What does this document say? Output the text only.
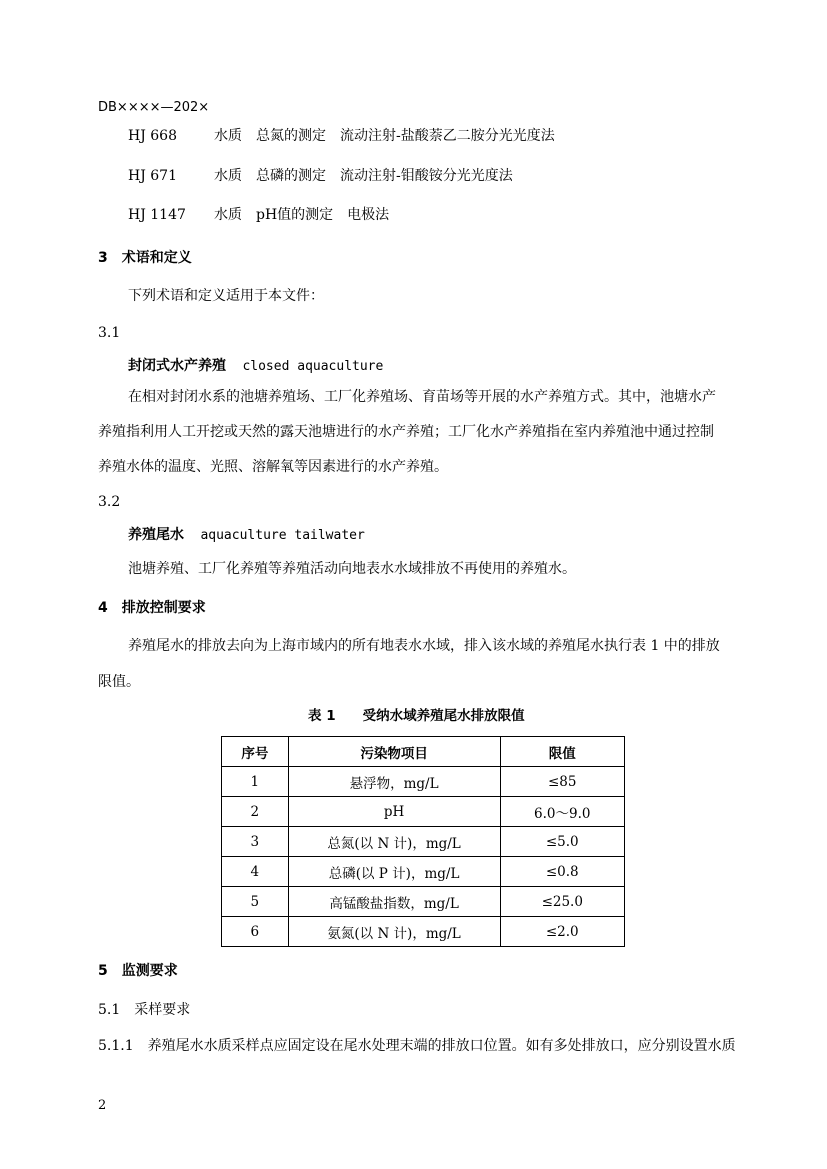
DB××××—202×
HJ 668	水质　总氮的测定　流动注射-盐酸萘乙二胺分光光度法
HJ 671	水质　总磷的测定　流动注射-钼酸铵分光光度法
HJ 1147 水质　pH值的测定　电极法
3　术语和定义
下列术语和定义适用于本文件：
3.1
封闭式水产养殖 closed aquaculture
在相对封闭水系的池塘养殖场、工厂化养殖场、育苗场等开展的水产养殖方式。其中，池塘水产
养殖指利用人工开挖或天然的露天池塘进行的水产养殖；工厂化水产养殖指在室内养殖池中通过控制
养殖水体的温度、光照、溶解氧等因素进行的水产养殖。
3.2
养殖尾水 aquaculture tailwater
池塘养殖、工厂化养殖等养殖活动向地表水水域排放不再使用的养殖水。
4　排放控制要求
养殖尾水的排放去向为上海市域内的所有地表水水域，排入该水域的养殖尾水执行表 1 中的排放
限值。
表 1　　受纳水域养殖尾水排放限值
序号	污染物项目	限值
1	悬浮物，mg/L	≤85
2	pH	6.0～9.0
3	总氮(以 N 计)，mg/L	≤5.0
4	总磷(以 P 计)，mg/L	≤0.8
5	高锰酸盐指数，mg/L	≤25.0
6	氨氮(以 N 计)，mg/L	≤2.0
5　监测要求
5.1　采样要求
5.1.1　养殖尾水水质采样点应固定设在尾水处理末端的排放口位置。如有多处排放口，应分别设置水质
2
